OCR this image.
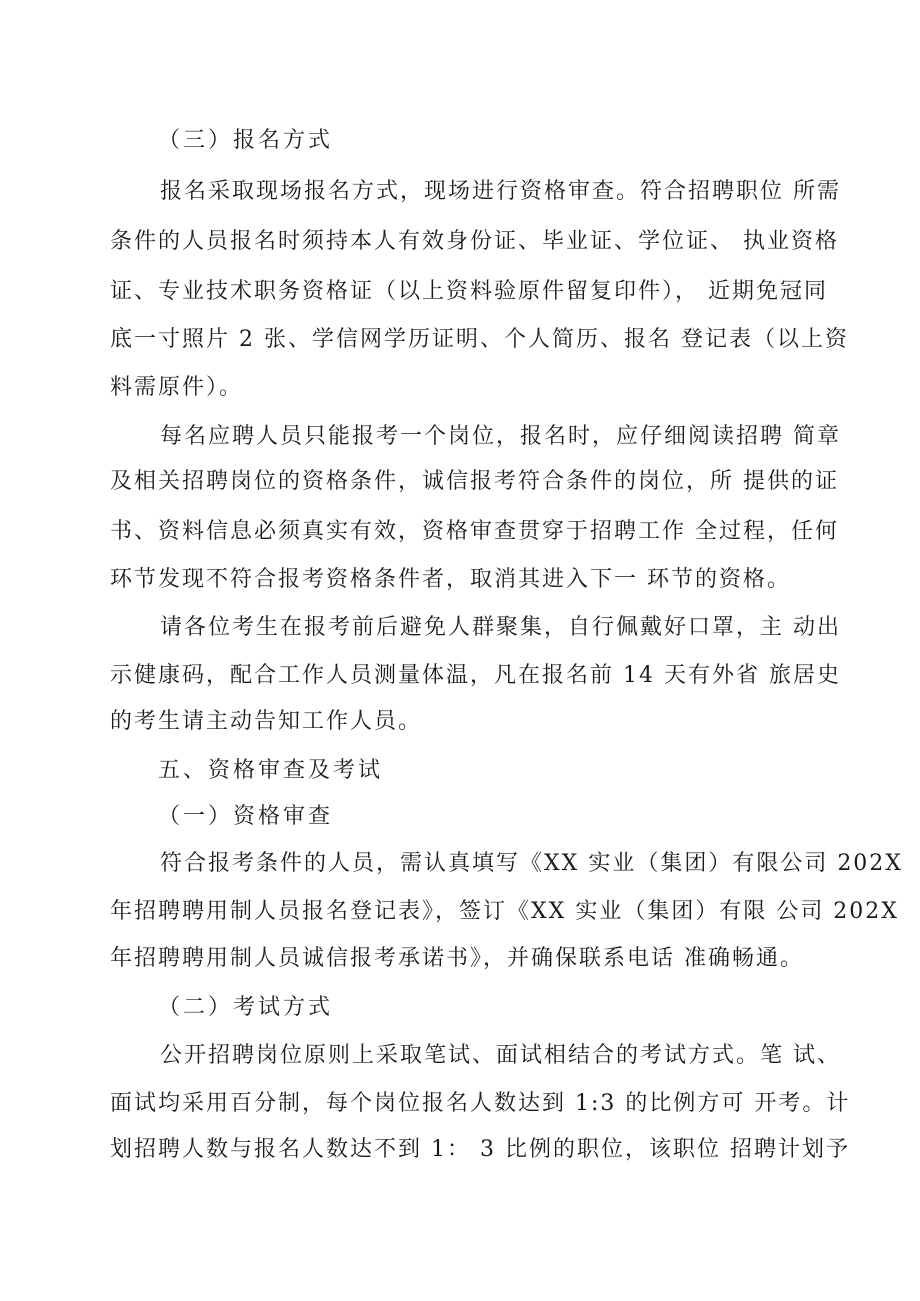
（三）报名方式
报名采取现场报名方式，现场进行资格审查。符合招聘职位 所需
条件的人员报名时须持本人有效身份证、毕业证、学位证、 执业资格
证、专业技术职务资格证（以上资料验原件留复印件）， 近期免冠同
底一寸照片 2 张、学信网学历证明、个人简历、报名 登记表（以上资
料需原件）。
每名应聘人员只能报考一个岗位，报名时，应仔细阅读招聘 简章
及相关招聘岗位的资格条件，诚信报考符合条件的岗位，所 提供的证
书、资料信息必须真实有效，资格审查贯穿于招聘工作 全过程，任何
环节发现不符合报考资格条件者，取消其进入下一 环节的资格。
请各位考生在报考前后避免人群聚集，自行佩戴好口罩，主 动出
示健康码，配合工作人员测量体温，凡在报名前 14 天有外省 旅居史
的考生请主动告知工作人员。
五、资格审查及考试
（一）资格审查
符合报考条件的人员，需认真填写《XX 实业（集团）有限公司 202X
年招聘聘用制人员报名登记表》，签订《XX 实业（集团）有限 公司 202X
年招聘聘用制人员诚信报考承诺书》，并确保联系电话 准确畅通。
（二）考试方式
公开招聘岗位原则上采取笔试、面试相结合的考试方式。笔 试、
面试均采用百分制，每个岗位报名人数达到 1:3 的比例方可 开考。计
划招聘人数与报名人数达不到 1： 3 比例的职位，该职位 招聘计划予
